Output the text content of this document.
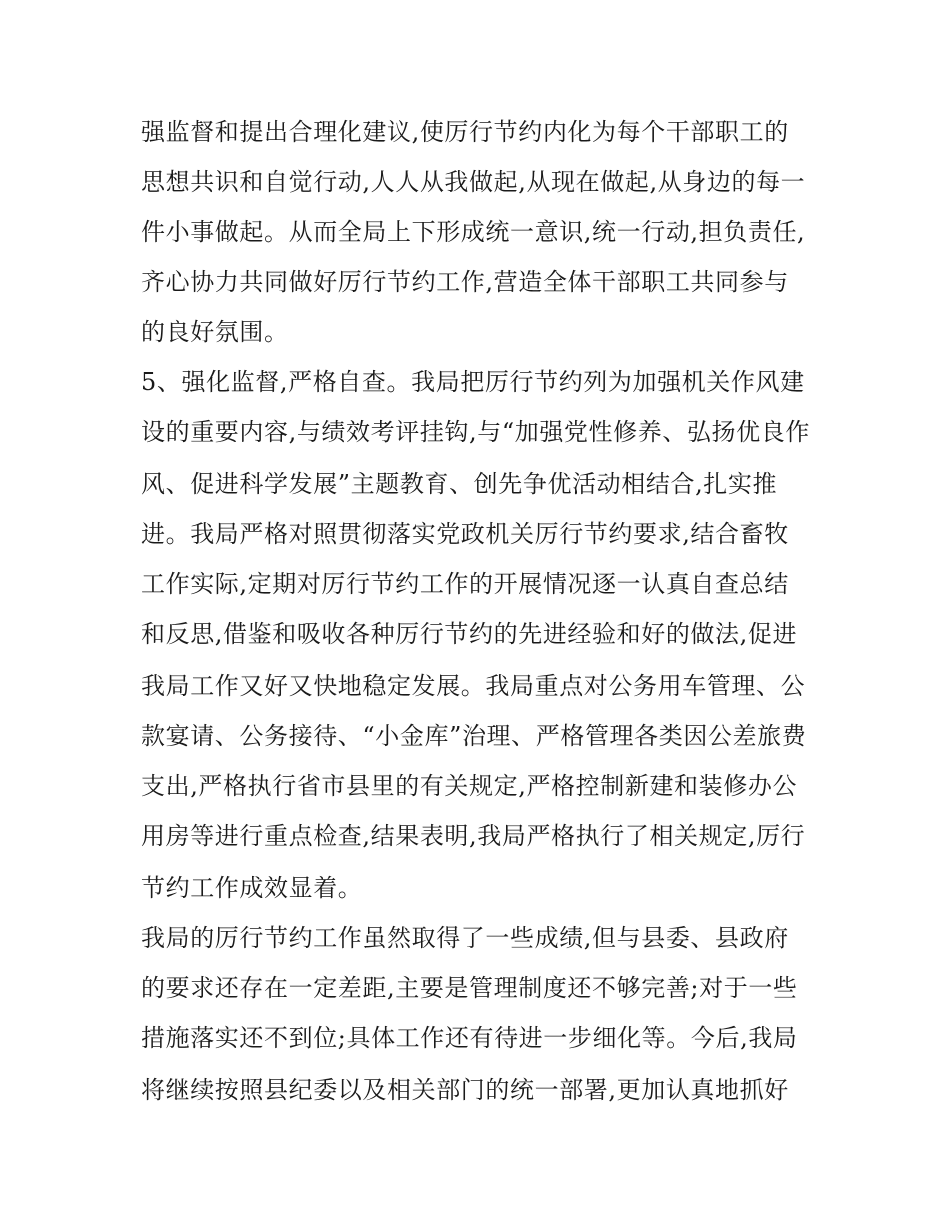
强监督和提出合理化建议,使厉行节约内化为每个干部职工的
思想共识和自觉行动,人人从我做起,从现在做起,从身边的每一
件小事做起。从而全局上下形成统一意识,统一行动,担负责任,
齐心协力共同做好厉行节约工作,营造全体干部职工共同参与
的良好氛围。
5、强化监督,严格自查。我局把厉行节约列为加强机关作风建
设的重要内容,与绩效考评挂钩,与“加强党性修养、弘扬优良作
风、促进科学发展”主题教育、创先争优活动相结合,扎实推
进。我局严格对照贯彻落实党政机关厉行节约要求,结合畜牧
工作实际,定期对厉行节约工作的开展情况逐一认真自查总结
和反思,借鉴和吸收各种厉行节约的先进经验和好的做法,促进
我局工作又好又快地稳定发展。我局重点对公务用车管理、公
款宴请、公务接待、“小金库”治理、严格管理各类因公差旅费
支出,严格执行省市县里的有关规定,严格控制新建和装修办公
用房等进行重点检查,结果表明,我局严格执行了相关规定,厉行
节约工作成效显着。
我局的厉行节约工作虽然取得了一些成绩,但与县委、县政府
的要求还存在一定差距,主要是管理制度还不够完善;对于一些
措施落实还不到位;具体工作还有待进一步细化等。今后,我局
将继续按照县纪委以及相关部门的统一部署,更加认真地抓好
